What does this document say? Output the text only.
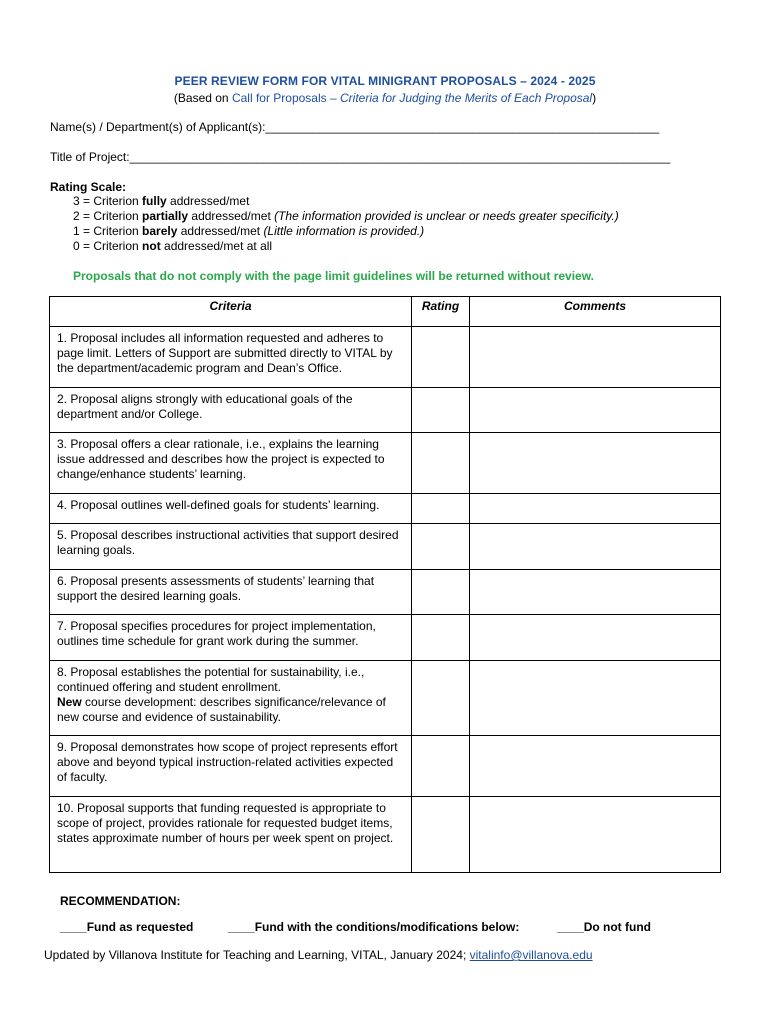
PEER REVIEW FORM FOR VITAL MINIGRANT PROPOSALS – 2024 - 2025
(Based on Call for Proposals – Criteria for Judging the Merits of Each Proposal)
Name(s) / Department(s) of Applicant(s):___________________________________________________________
Title of Project:_________________________________________________________________________________
Rating Scale:
3 = Criterion fully addressed/met
2 = Criterion partially addressed/met (The information provided is unclear or needs greater specificity.)
1 = Criterion barely addressed/met (Little information is provided.)
0 = Criterion not addressed/met at all
Proposals that do not comply with the page limit guidelines will be returned without review.
Criteria	Rating	Comments
1. Proposal includes all information requested and adheres to page limit. Letters of Support are submitted directly to VITAL by the department/academic program and Dean’s Office.		
2. Proposal aligns strongly with educational goals of the department and/or College.		
3. Proposal offers a clear rationale, i.e., explains the learning issue addressed and describes how the project is expected to change/enhance students’ learning.		
4. Proposal outlines well-defined goals for students’ learning.		
5. Proposal describes instructional activities that support desired learning goals.		
6. Proposal presents assessments of students’ learning that support the desired learning goals.		
7. Proposal specifies procedures for project implementation, outlines time schedule for grant work during the summer.		
8. Proposal establishes the potential for sustainability, i.e., continued offering and student enrollment.
New course development: describes significance/relevance of new course and evidence of sustainability.		
9. Proposal demonstrates how scope of project represents effort above and beyond typical instruction-related activities expected of faculty.		
10. Proposal supports that funding requested is appropriate to scope of project, provides rationale for requested budget items, states approximate number of hours per week spent on project.		
RECOMMENDATION:
____Fund as requested	____Fund with the conditions/modifications below:	____Do not fund
Updated by Villanova Institute for Teaching and Learning, VITAL, January 2024; vitalinfo@villanova.edu
